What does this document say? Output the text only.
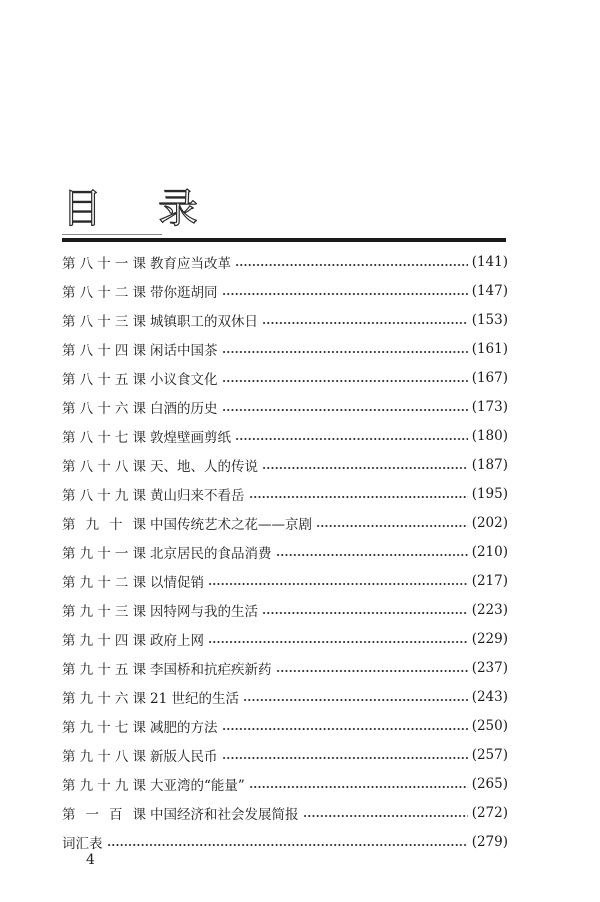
目 录
第八十一课 教育应当改革	(141)
第八十二课 带你逛胡同	(147)
第八十三课 城镇职工的双休日	(153)
第八十四课 闲话中国茶	(161)
第八十五课 小议食文化	(167)
第八十六课 白酒的历史	(173)
第八十七课 敦煌壁画剪纸	(180)
第八十八课 天、地、人的传说	(187)
第八十九课 黄山归来不看岳	(195)
第九十课 中国传统艺术之花——京剧	(202)
第九十一课 北京居民的食品消费	(210)
第九十二课 以情促销	(217)
第九十三课 因特网与我的生活	(223)
第九十四课 政府上网	(229)
第九十五课 李国桥和抗疟疾新药	(237)
第九十六课 21 世纪的生活	(243)
第九十七课 减肥的方法	(250)
第九十八课 新版人民币	(257)
第九十九课 大亚湾的“能量”	(265)
第一百课 中国经济和社会发展简报	(272)
词汇表	(279)
4
